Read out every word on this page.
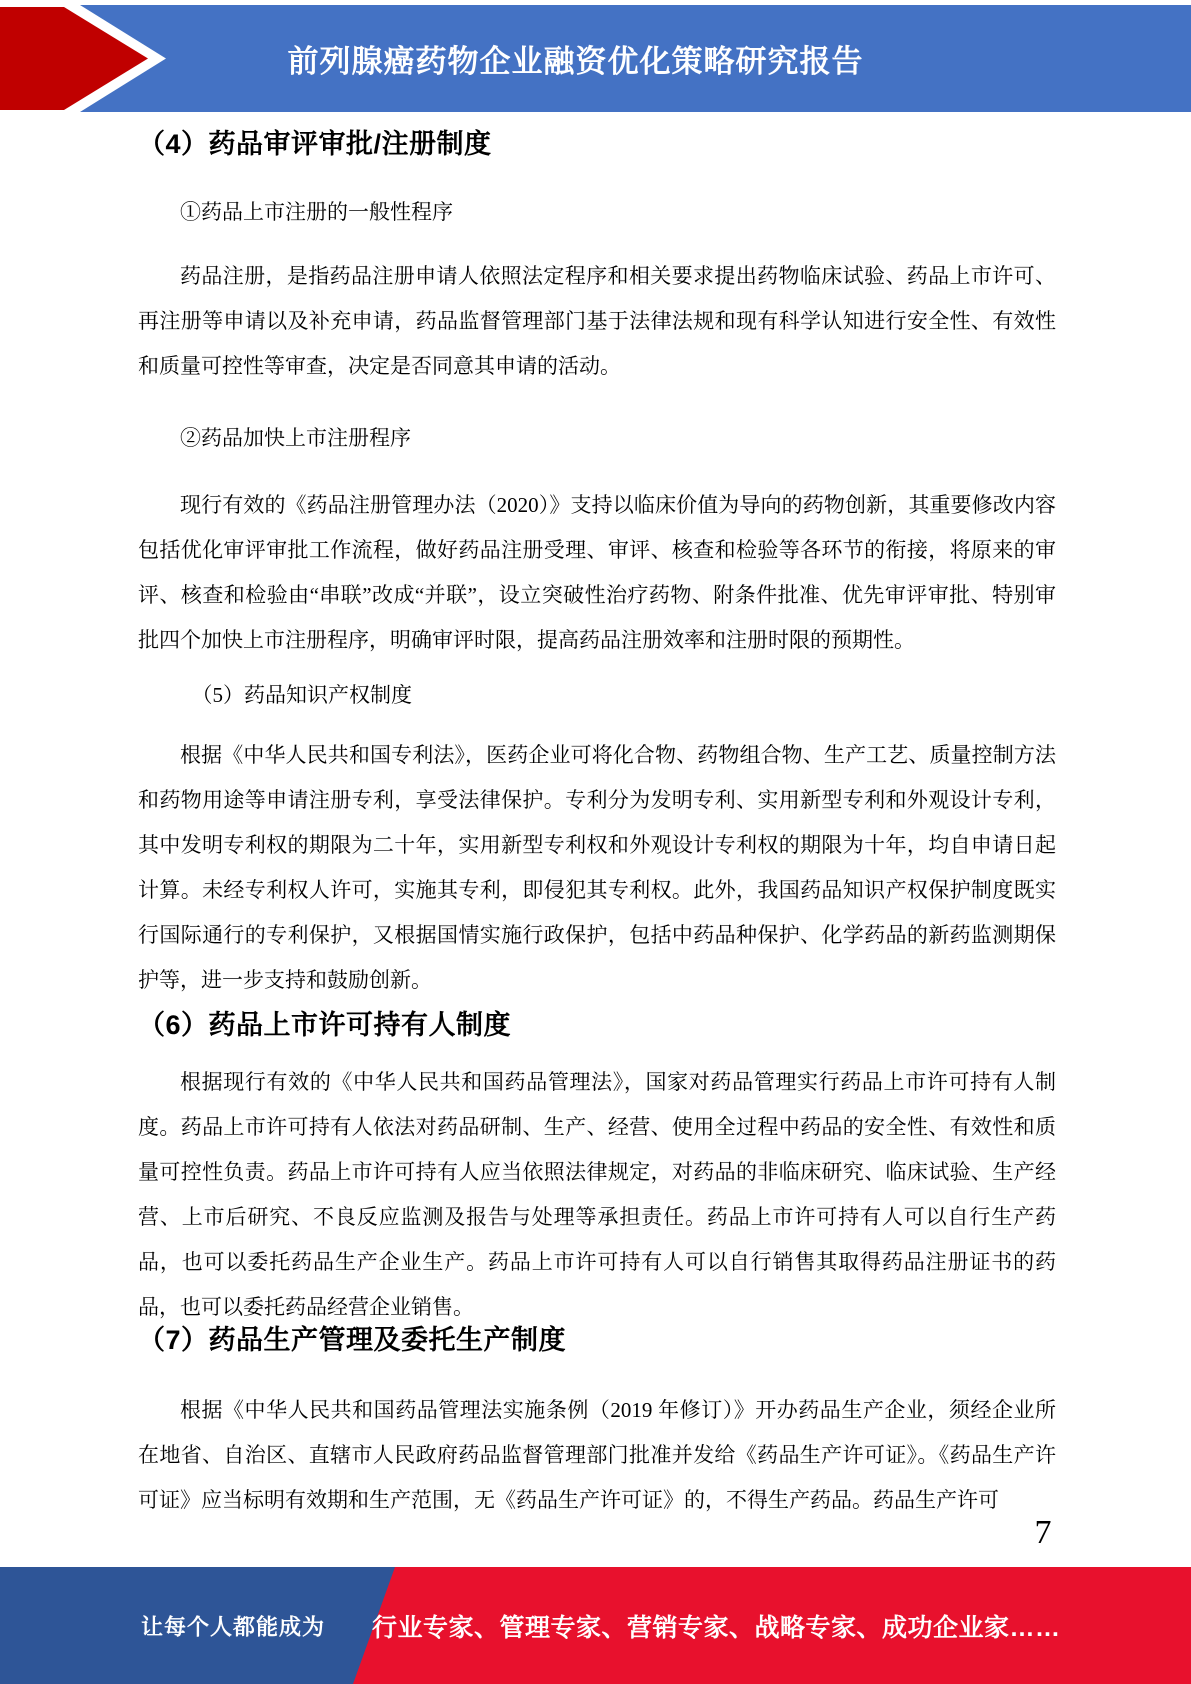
前列腺癌药物企业融资优化策略研究报告
（4）药品审评审批/注册制度

①药品上市注册的一般性程序

药品注册，是指药品注册申请人依照法定程序和相关要求提出药物临床试验、药品上市许可、再注册等申请以及补充申请，药品监督管理部门基于法律法规和现有科学认知进行安全性、有效性和质量可控性等审查，决定是否同意其申请的活动。

②药品加快上市注册程序

现行有效的《药品注册管理办法（2020）》支持以临床价值为导向的药物创新，其重要修改内容包括优化审评审批工作流程，做好药品注册受理、审评、核查和检验等各环节的衔接，将原来的审评、核查和检验由“串联”改成“并联”，设立突破性治疗药物、附条件批准、优先审评审批、特别审批四个加快上市注册程序，明确审评时限，提高药品注册效率和注册时限的预期性。

（5）药品知识产权制度

根据《中华人民共和国专利法》，医药企业可将化合物、药物组合物、生产工艺、质量控制方法和药物用途等申请注册专利，享受法律保护。专利分为发明专利、实用新型专利和外观设计专利，其中发明专利权的期限为二十年，实用新型专利权和外观设计专利权的期限为十年，均自申请日起计算。未经专利权人许可，实施其专利，即侵犯其专利权。此外，我国药品知识产权保护制度既实行国际通行的专利保护，又根据国情实施行政保护，包括中药品种保护、化学药品的新药监测期保护等，进一步支持和鼓励创新。

（6）药品上市许可持有人制度

根据现行有效的《中华人民共和国药品管理法》，国家对药品管理实行药品上市许可持有人制度。药品上市许可持有人依法对药品研制、生产、经营、使用全过程中药品的安全性、有效性和质量可控性负责。药品上市许可持有人应当依照法律规定，对药品的非临床研究、临床试验、生产经营、上市后研究、不良反应监测及报告与处理等承担责任。药品上市许可持有人可以自行生产药品，也可以委托药品生产企业生产。药品上市许可持有人可以自行销售其取得药品注册证书的药品，也可以委托药品经营企业销售。

（7）药品生产管理及委托生产制度

根据《中华人民共和国药品管理法实施条例（2019 年修订）》开办药品生产企业，须经企业所在地省、自治区、直辖市人民政府药品监督管理部门批准并发给《药品生产许可证》。《药品生产许可证》应当标明有效期和生产范围，无《药品生产许可证》的，不得生产药品。药品生产许可

7
让每个人都能成为 行业专家、管理专家、营销专家、战略专家、成功企业家……
